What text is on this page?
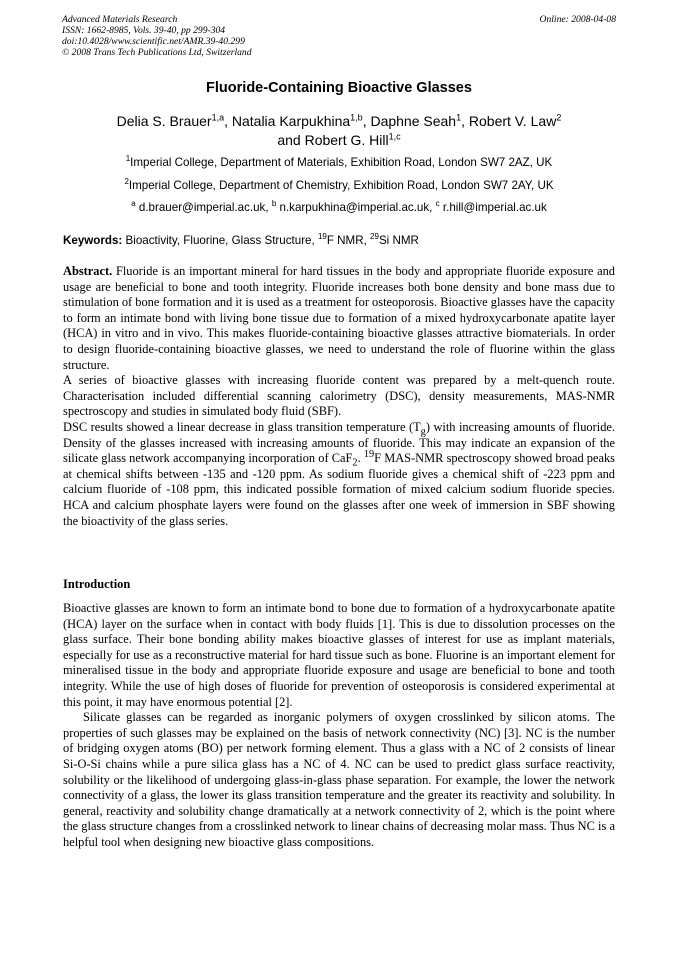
Advanced Materials Research
ISSN: 1662-8985, Vols. 39-40, pp 299-304
doi:10.4028/www.scientific.net/AMR.39-40.299
© 2008 Trans Tech Publications Ltd, Switzerland
Online: 2008-04-08
Fluoride-Containing Bioactive Glasses
Delia S. Brauer$^{1,a}$, Natalia Karpukhina$^{1,b}$, Daphne Seah$^1$, Robert V. Law$^2$
and Robert G. Hill$^{1,c}$
$^1$Imperial College, Department of Materials, Exhibition Road, London SW7 2AZ, UK
$^2$Imperial College, Department of Chemistry, Exhibition Road, London SW7 2AY, UK
$^a$ d.brauer@imperial.ac.uk, $^b$ n.karpukhina@imperial.ac.uk, $^c$ r.hill@imperial.ac.uk
Keywords: Bioactivity, Fluorine, Glass Structure, $^{19}$F NMR, $^{29}$Si NMR

Abstract. Fluoride is an important mineral for hard tissues in the body and appropriate fluoride exposure and usage are beneficial to bone and tooth integrity. Fluoride increases both bone density and bone mass due to stimulation of bone formation and it is used as a treatment for osteoporosis. Bioactive glasses have the capacity to form an intimate bond with living bone tissue due to formation of a mixed hydroxycarbonate apatite layer (HCA) in vitro and in vivo. This makes fluoride-containing bioactive glasses attractive biomaterials. In order to design fluoride-containing bioactive glasses, we need to understand the role of fluorine within the glass structure.

A series of bioactive glasses with increasing fluoride content was prepared by a melt-quench route. Characterisation included differential scanning calorimetry (DSC), density measurements, MAS-NMR spectroscopy and studies in simulated body fluid (SBF).

DSC results showed a linear decrease in glass transition temperature $(T_g)$ with increasing amounts of fluoride. Density of the glasses increased with increasing amounts of fluoride. This may indicate an expansion of the silicate glass network accompanying incorporation of CaF$_2$. $^{19}$F MAS-NMR spectroscopy showed broad peaks at chemical shifts between -135 and -120 ppm. As sodium fluoride gives a chemical shift of -223 ppm and calcium fluoride of -108 ppm, this indicated possible formation of mixed calcium sodium fluoride species. HCA and calcium phosphate layers were found on the glasses after one week of immersion in SBF showing the bioactivity of the glass series.

Introduction

Bioactive glasses are known to form an intimate bond to bone due to formation of a hydroxycarbonate apatite (HCA) layer on the surface when in contact with body fluids [1]. This is due to dissolution processes on the glass surface. Their bone bonding ability makes bioactive glasses of interest for use as implant materials, especially for use as a reconstructive material for hard tissue such as bone. Fluorine is an important element for mineralised tissue in the body and appropriate fluoride exposure and usage are beneficial to bone and tooth integrity. While the use of high doses of fluoride for prevention of osteoporosis is considered experimental at this point, it may have enormous potential [2].

Silicate glasses can be regarded as inorganic polymers of oxygen crosslinked by silicon atoms. The properties of such glasses may be explained on the basis of network connectivity (NC) [3]. NC is the number of bridging oxygen atoms (BO) per network forming element. Thus a glass with a NC of 2 consists of linear Si-O-Si chains while a pure silica glass has a NC of 4. NC can be used to predict glass surface reactivity, solubility or the likelihood of undergoing glass-in-glass phase separation. For example, the lower the network connectivity of a glass, the lower its glass transition temperature and the greater its reactivity and solubility. In general, reactivity and solubility change dramatically at a network connectivity of 2, which is the point where the glass structure changes from a crosslinked network to linear chains of decreasing molar mass. Thus NC is a helpful tool when designing new bioactive glass compositions.
